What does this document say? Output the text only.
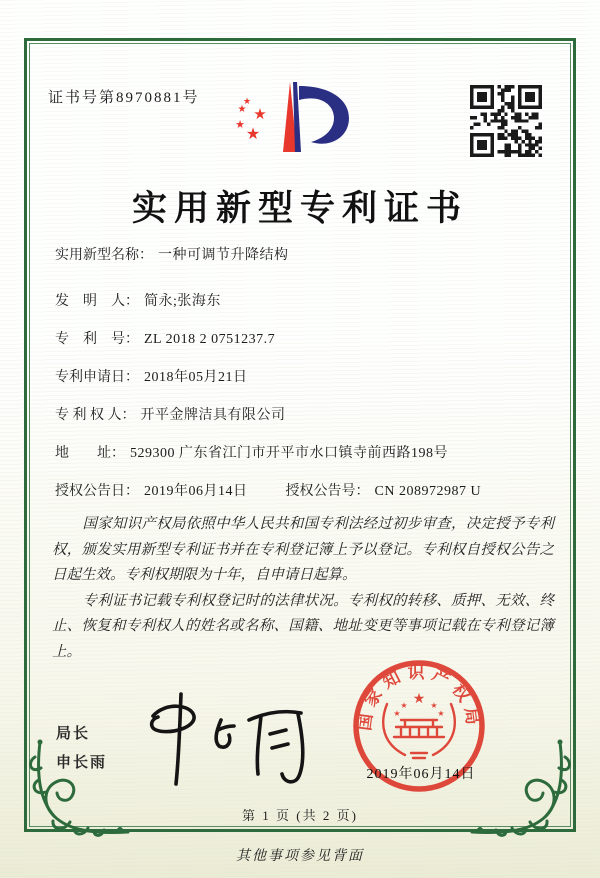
证书号第8970881号	★
★ ★
★
★
实用新型专利证书
实用新型名称： 一种可调节升降结构
发　明　人： 简永;张海东
专　利　号： ZL 2018 2 0751237.7
专利申请日： 2018年05月21日
专 利 权 人： 开平金牌洁具有限公司
地　　址： 529300 广东省江门市开平市水口镇寺前西路198号
授权公告日： 2019年06月14日	授权公告号： CN 208972987 U

国家知识产权局依照中华人民共和国专利法经过初步审查，决定授予专利权，颁发实用新型专利证书并在专利登记簿上予以登记。专利权自授权公告之日起生效。专利权期限为十年，自申请日起算。

专利证书记载专利权登记时的法律状况。专利权的转移、质押、无效、终止、恢复和专利权人的姓名或名称、国籍、地址变更等事项记载在专利登记簿上。

局长
申长雨
国家知识产权局
★
★	★
★	★
2019年06月14日
第 1 页 (共 2 页)
其他事项参见背面
